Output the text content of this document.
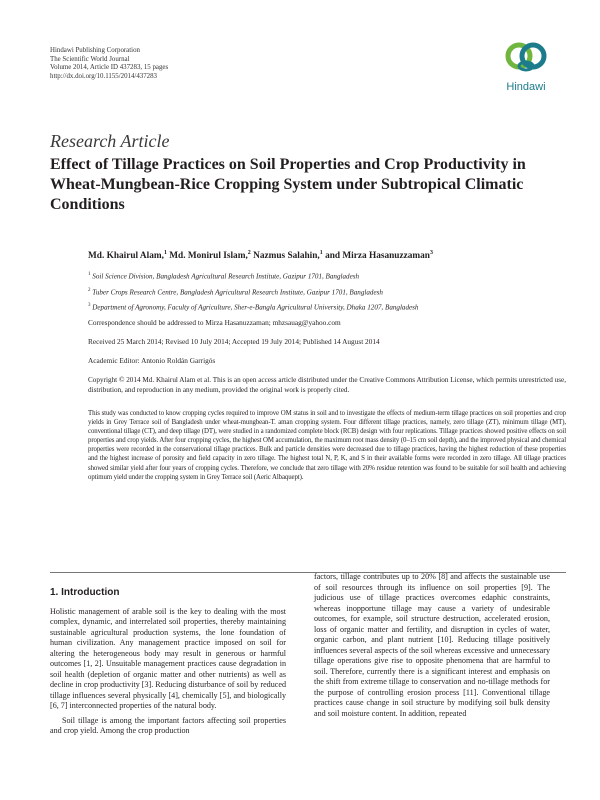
Hindawi Publishing Corporation
The Scientific World Journal
Volume 2014, Article ID 437283, 15 pages
http://dx.doi.org/10.1155/2014/437283
Hindawi
Research Article
Effect of Tillage Practices on Soil Properties and Crop Productivity in Wheat-Mungbean-Rice Cropping System under Subtropical Climatic Conditions
Md. Khairul Alam,$^1$ Md. Monirul Islam,$^2$ Nazmus Salahin,$^1$ and Mirza Hasanuzzaman$^3$
$^1$ Soil Science Division, Bangladesh Agricultural Research Institute, Gazipur 1701, Bangladesh
$^2$ Tuber Crops Research Centre, Bangladesh Agricultural Research Institute, Gazipur 1701, Bangladesh
$^3$ Department of Agronomy, Faculty of Agriculture, Sher-e-Bangla Agricultural University, Dhaka 1207, Bangladesh
Correspondence should be addressed to Mirza Hasanuzzaman; mhzsauag@yahoo.com
Received 25 March 2014; Revised 10 July 2014; Accepted 19 July 2014; Published 14 August 2014
Academic Editor: Antonio Roldán Garrigós
Copyright © 2014 Md. Khairul Alam et al. This is an open access article distributed under the Creative Commons Attribution License, which permits unrestricted use, distribution, and reproduction in any medium, provided the original work is properly cited.
This study was conducted to know cropping cycles required to improve OM status in soil and to investigate the effects of medium-term tillage practices on soil properties and crop yields in Grey Terrace soil of Bangladesh under wheat-mungbean-T. aman cropping system. Four different tillage practices, namely, zero tillage (ZT), minimum tillage (MT), conventional tillage (CT), and deep tillage (DT), were studied in a randomized complete block (RCB) design with four replications. Tillage practices showed positive effects on soil properties and crop yields. After four cropping cycles, the highest OM accumulation, the maximum root mass density (0–15 cm soil depth), and the improved physical and chemical properties were recorded in the conservational tillage practices. Bulk and particle densities were decreased due to tillage practices, having the highest reduction of these properties and the highest increase of porosity and field capacity in zero tillage. The highest total N, P, K, and S in their available forms were recorded in zero tillage. All tillage practices showed similar yield after four years of cropping cycles. Therefore, we conclude that zero tillage with 20% residue retention was found to be suitable for soil health and achieving optimum yield under the cropping system in Grey Terrace soil (Aeric Albaquept).
1. Introduction

Holistic management of arable soil is the key to dealing with the most complex, dynamic, and interrelated soil properties, thereby maintaining sustainable agricultural production systems, the lone foundation of human civilization. Any management practice imposed on soil for altering the heterogeneous body may result in generous or harmful outcomes [1, 2]. Unsuitable management practices cause degradation in soil health (depletion of organic matter and other nutrients) as well as decline in crop productivity [3]. Reducing disturbance of soil by reduced tillage influences several physically [4], chemically [5], and biologically [6, 7] interconnected properties of the natural body.

Soil tillage is among the important factors affecting soil properties and crop yield. Among the crop production

factors, tillage contributes up to 20% [8] and affects the sustainable use of soil resources through its influence on soil properties [9]. The judicious use of tillage practices overcomes edaphic constraints, whereas inopportune tillage may cause a variety of undesirable outcomes, for example, soil structure destruction, accelerated erosion, loss of organic matter and fertility, and disruption in cycles of water, organic carbon, and plant nutrient [10]. Reducing tillage positively influences several aspects of the soil whereas excessive and unnecessary tillage operations give rise to opposite phenomena that are harmful to soil. Therefore, currently there is a significant interest and emphasis on the shift from extreme tillage to conservation and no-tillage methods for the purpose of controlling erosion process [11]. Conventional tillage practices cause change in soil structure by modifying soil bulk density and soil moisture content. In addition, repeated
